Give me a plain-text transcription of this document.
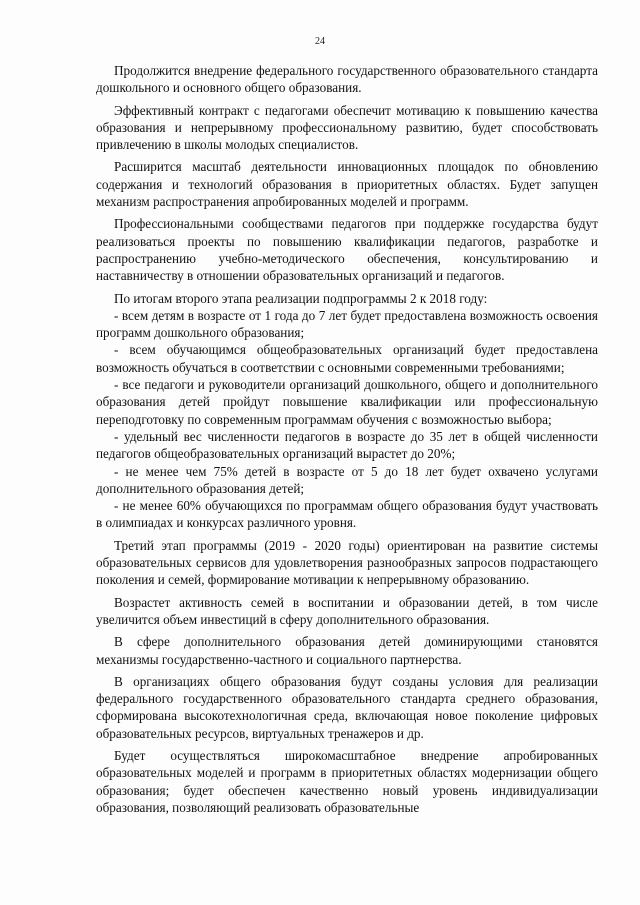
24

Продолжится внедрение федерального государственного образовательного стандарта дошкольного и основного общего образования.

Эффективный контракт с педагогами обеспечит мотивацию к повышению качества образования и непрерывному профессиональному развитию, будет способствовать привлечению в школы молодых специалистов.

Расширится масштаб деятельности инновационных площадок по обновлению содержания и технологий образования в приоритетных областях. Будет запущен механизм распространения апробированных моделей и программ.

Профессиональными сообществами педагогов при поддержке государства будут реализоваться проекты по повышению квалификации педагогов, разработке и распространению учебно-методического обеспечения, консультированию и наставничеству в отношении образовательных организаций и педагогов.

По итогам второго этапа реализации подпрограммы 2 к 2018 году:

- всем детям в возрасте от 1 года до 7 лет будет предоставлена возможность освоения программ дошкольного образования;

- всем обучающимся общеобразовательных организаций будет предоставлена возможность обучаться в соответствии с основными современными требованиями;

- все педагоги и руководители организаций дошкольного, общего и дополнительного образования детей пройдут повышение квалификации или профессиональную переподготовку по современным программам обучения с возможностью выбора;

- удельный вес численности педагогов в возрасте до 35 лет в общей численности педагогов общеобразовательных организаций вырастет до 20%;

- не менее чем 75% детей в возрасте от 5 до 18 лет будет охвачено услугами дополнительного образования детей;

- не менее 60% обучающихся по программам общего образования будут участвовать в олимпиадах и конкурсах различного уровня.

Третий этап программы (2019 - 2020 годы) ориентирован на развитие системы образовательных сервисов для удовлетворения разнообразных запросов подрастающего поколения и семей, формирование мотивации к непрерывному образованию.

Возрастет активность семей в воспитании и образовании детей, в том числе увеличится объем инвестиций в сферу дополнительного образования.

В сфере дополнительного образования детей доминирующими становятся механизмы государственно-частного и социального партнерства.

В организациях общего образования будут созданы условия для реализации федерального государственного образовательного стандарта среднего образования, сформирована высокотехнологичная среда, включающая новое поколение цифровых образовательных ресурсов, виртуальных тренажеров и др.

Будет осуществляться широкомасштабное внедрение апробированных образовательных моделей и программ в приоритетных областях модернизации общего образования; будет обеспечен качественно новый уровень индивидуализации образования, позволяющий реализовать образовательные
